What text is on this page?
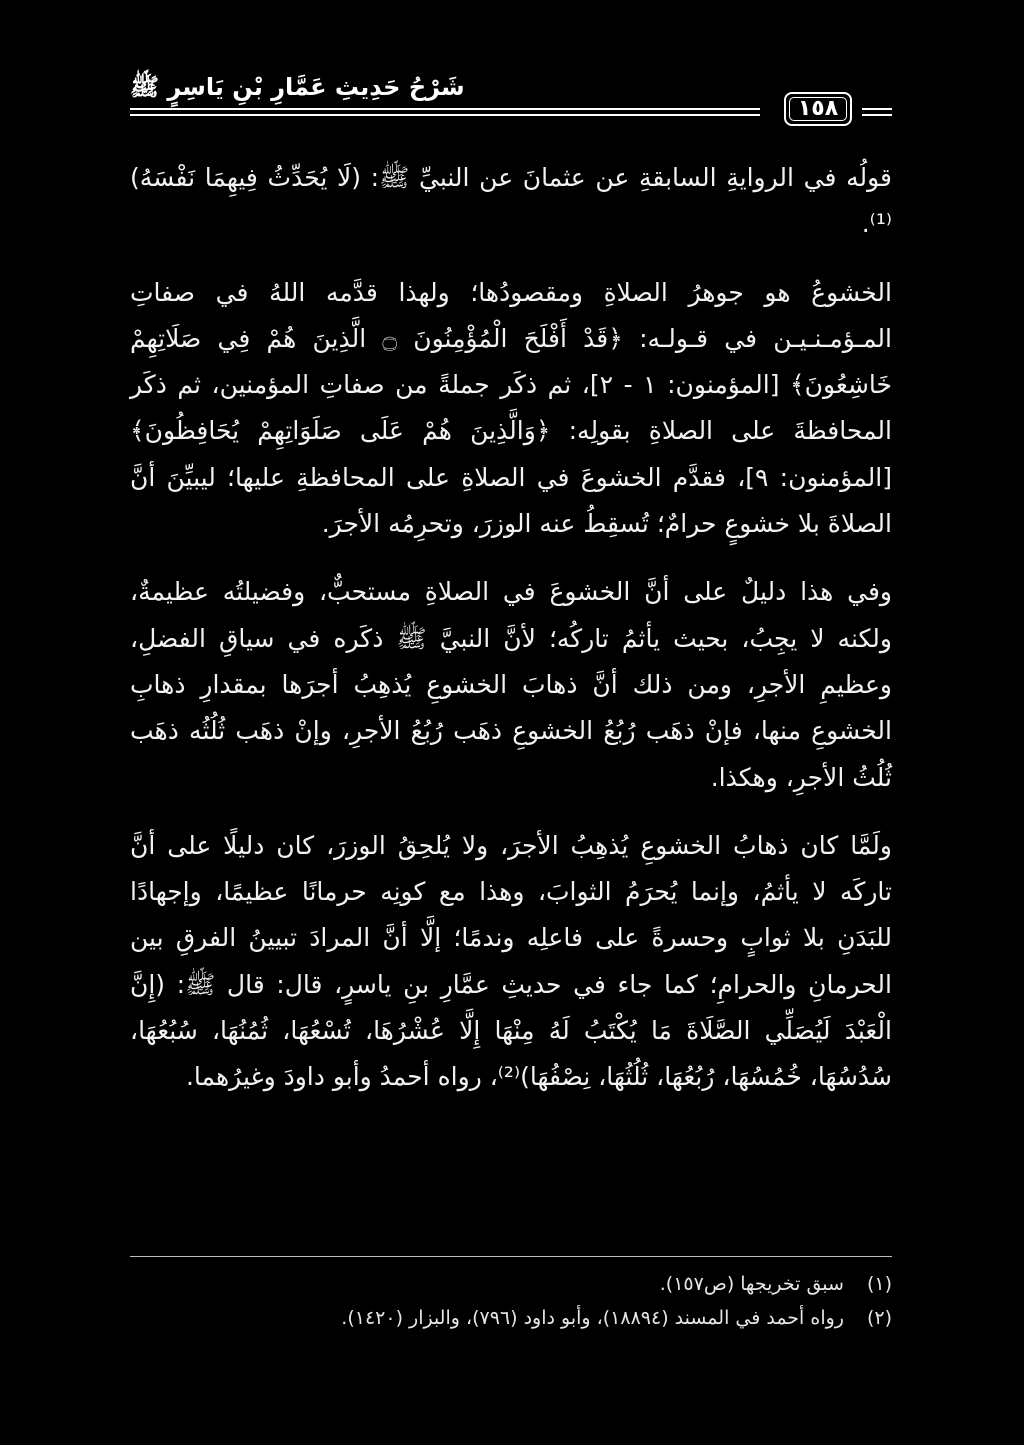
شَرْحُ حَدِيثِ عَمَّارِ بْنِ يَاسِرٍ ﷺ
١٥٨

قولُه في الروايةِ السابقةِ عن عثمانَ عن النبيِّ ﷺ: (لَا يُحَدِّثُ فِيهِمَا نَفْسَهُ)⁽¹⁾.

الخشوعُ هو جوهرُ الصلاةِ ومقصودُها؛ ولهذا قدَّمه اللهُ في صفاتِ المـؤمـنـيـن في قـولـه: ﴿قَدْ أَفْلَحَ الْمُؤْمِنُونَ ۝ الَّذِينَ هُمْ فِي صَلَاتِهِمْ خَاشِعُونَ﴾ [المؤمنون: ١ - ٢]، ثم ذكَر جملةً من صفاتِ المؤمنين، ثم ذكَر المحافظةَ على الصلاةِ بقولِه: ﴿وَالَّذِينَ هُمْ عَلَى صَلَوَاتِهِمْ يُحَافِظُونَ﴾ [المؤمنون: ٩]، فقدَّم الخشوعَ في الصلاةِ على المحافظةِ عليها؛ ليبيِّنَ أنَّ الصلاةَ بلا خشوعٍ حرامٌ؛ تُسقِطُ عنه الوزرَ، وتحرِمُه الأجرَ.

وفي هذا دليلٌ على أنَّ الخشوعَ في الصلاةِ مستحبٌّ، وفضيلتُه عظيمةٌ، ولكنه لا يجِبُ، بحيث يأثمُ تاركُه؛ لأنَّ النبيَّ ﷺ ذكَره في سياقِ الفضلِ، وعظيمِ الأجرِ، ومن ذلك أنَّ ذهابَ الخشوعِ يُذهِبُ أجرَها بمقدارِ ذهابِ الخشوعِ منها، فإنْ ذهَب رُبُعُ الخشوعِ ذهَب رُبُعُ الأجرِ، وإنْ ذهَب ثُلُثُه ذهَب ثُلُثُ الأجرِ، وهكذا.

ولَمَّا كان ذهابُ الخشوعِ يُذهِبُ الأجرَ، ولا يُلحِقُ الوزرَ، كان دليلًا على أنَّ تاركَه لا يأثمُ، وإنما يُحرَمُ الثوابَ، وهذا مع كونِه حرمانًا عظيمًا، وإجهادًا للبَدَنِ بلا ثوابٍ وحسرةً على فاعلِه وندمًا؛ إلَّا أنَّ المرادَ تبيينُ الفرقِ بين الحرمانِ والحرامِ؛ كما جاء في حديثِ عمَّارِ بنِ ياسرٍ، قال: قال ﷺ: (إِنَّ الْعَبْدَ لَيُصَلِّي الصَّلَاةَ مَا يُكْتَبُ لَهُ مِنْهَا إِلَّا عُشْرُهَا، تُسْعُهَا، ثُمُنُهَا، سُبُعُهَا، سُدُسُهَا، خُمُسُهَا، رُبُعُهَا، ثُلُثُهَا، نِصْفُهَا)⁽²⁾، رواه أحمدُ وأبو داودَ وغيرُهما.

(١) سبق تخريجها (ص١٥٧).
(٢) رواه أحمد في المسند (١٨٨٩٤)، وأبو داود (٧٩٦)، والبزار (١٤٢٠).
